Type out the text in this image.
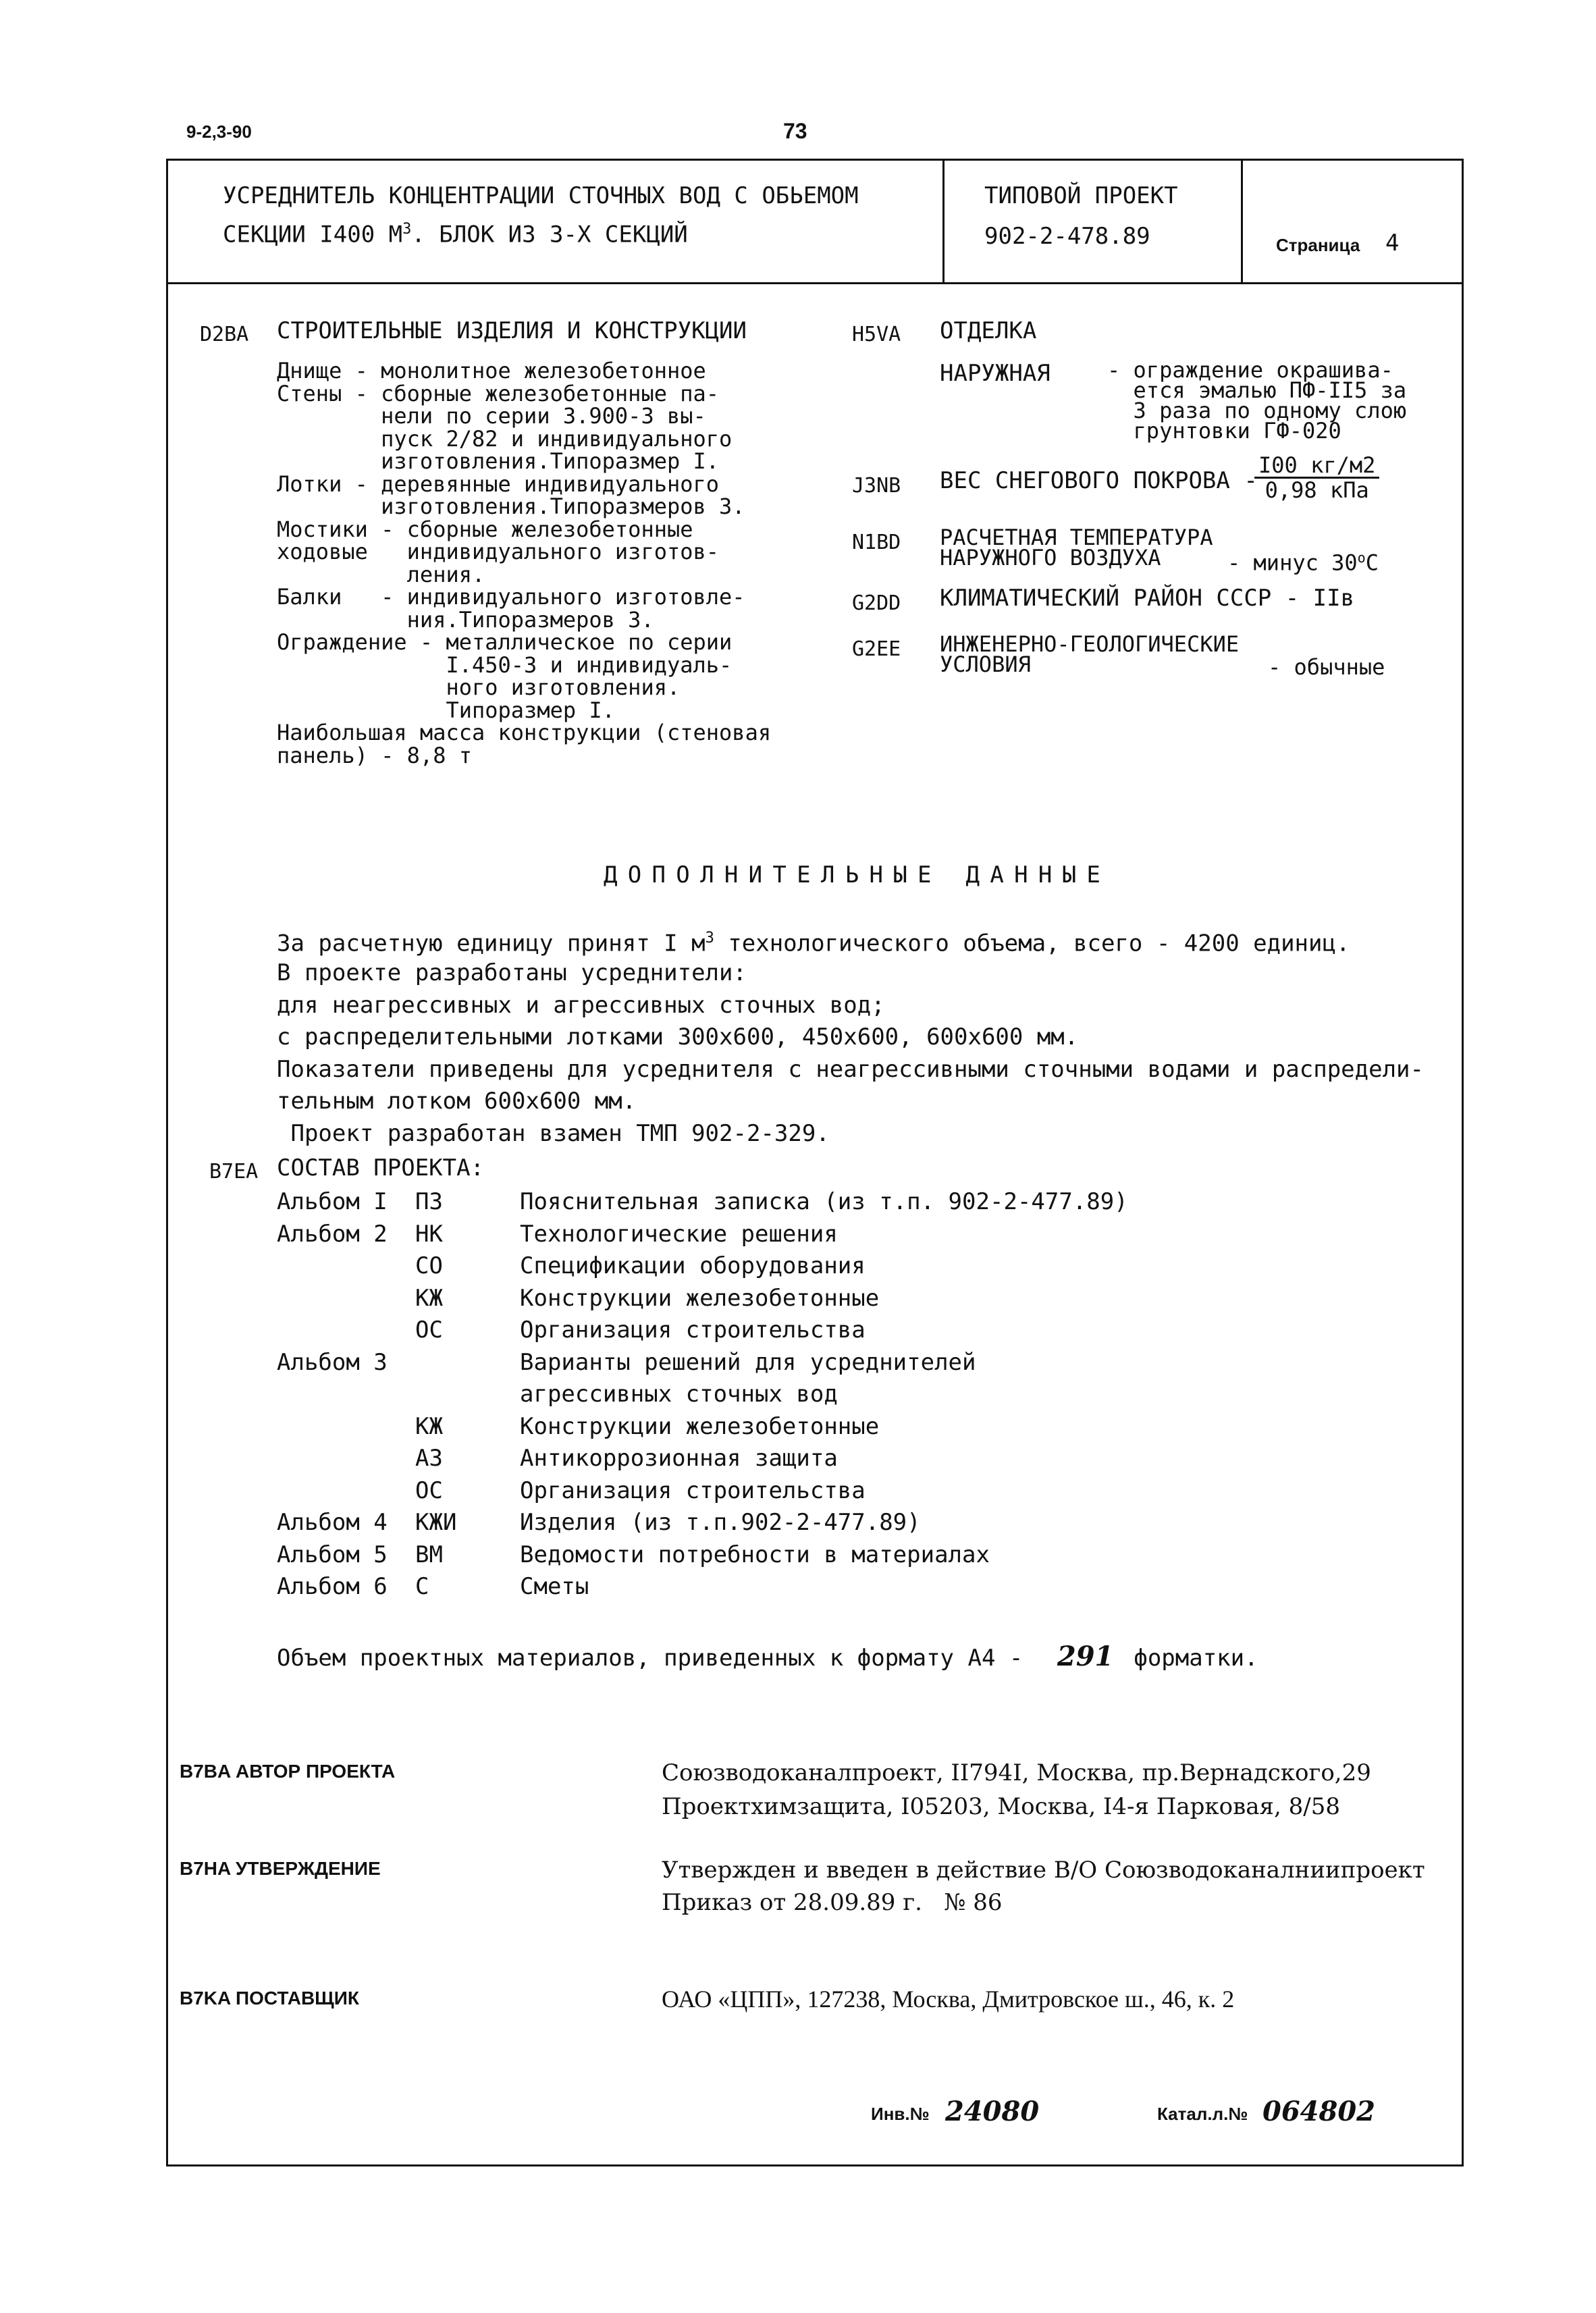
9-2,3-90	73
УСРЕДНИТЕЛЬ КОНЦЕНТРАЦИИ СТОЧНЫХ ВОД С ОБЬЕМОМ
СЕКЦИИ I400 $М^3$. БЛОК ИЗ 3-Х СЕКЦИЙ
ТИПОВОЙ ПРОЕКТ
902-2-478.89	Страница 4
D2BA СТРОИТЕЛЬНЫЕ ИЗДЕЛИЯ И КОНСТРУКЦИИ
Днище - монолитное железобетонное
Стены - сборные железобетонные па-
нели по серии 3.900-3 вы-
пуск 2/82 и индивидуального
изготовления.Типоразмер I.
Лотки - деревянные индивидуального
изготовления.Типоразмеров 3.
Мостики - сборные железобетонные
ходовые   индивидуального изготов-
ления.
Балки   - индивидуального изготовле-
ния.Типоразмеров 3.
Ограждение - металлическое по серии
I.450-3 и индивидуаль-
ного изготовления.
Типоразмер I.
Наибольшая масса конструкции (стеновая
панель) - 8,8 т
H5VA ОТДЕЛКА
НАРУЖНАЯ	- ограждение окрашива-
ется эмалью ПФ-II5 за
3 раза по одному слою
грунтовки ГФ-020
J3NB ВЕС СНЕГОВОГО ПОКРОВА -
$\frac{I00 кг/м2}{\text{0,98 кПа}}$
N1BD РАСЧЕТНАЯ ТЕМПЕРАТУРА
НАРУЖНОГО ВОЗДУХА	- минус $30^оС$
G2DD КЛИМАТИЧЕСКИЙ РАЙОН СССР - IIв
G2EE ИНЖЕНЕРНО-ГЕОЛОГИЧЕСКИЕ
УСЛОВИЯ	- обычные
ДОПОЛНИТЕЛЬНЫЕ ДАННЫЕ
За расчетную единицу принят I $м^3$ технологического объема, всего - 4200 единиц.
В проекте разработаны усреднители:
для неагрессивных и агрессивных сточных вод;
с распределительными лотками 300х600, 450х600, 600х600 мм.
Показатели приведены для усреднителя с неагрессивными сточными водами и распредели-
тельным лотком 600х600 мм.
Проект разработан взамен ТМП 902-2-329.
B7EA СОСТАВ ПРОЕКТА:
Альбом I ПЗ	Пояснительная записка (из т.п. 902-2-477.89)
Альбом 2 НК	Технологические решения
СО	Спецификации оборудования
КЖ	Конструкции железобетонные
ОС	Организация строительства
Альбом 3	Варианты решений для усреднителей
агрессивных сточных вод
КЖ	Конструкции железобетонные
АЗ	Антикоррозионная защита
ОС	Организация строительства
Альбом 4 КЖИ	Изделия (из т.п.902-2-477.89)
Альбом 5 ВМ	Ведомости потребности в материалах
Альбом 6 С	Сметы
Объем проектных материалов, приведенных к формату А4 - 291 форматки.
B7BA АВТОР ПРОЕКТА	Союзводоканалпроект, II794I, Москва, пр.Вернадского,29
Проектхимзащита, I05203, Москва, I4-я Парковая, 8/58
B7HA УТВЕРЖДЕНИЕ	Утвержден и введен в действие В/О Союзводоканалниипроект
Приказ от 28.09.89 г.   № 86
B7KA ПОСТАВЩИК	ОАО «ЦПП», 127238, Москва, Дмитровское ш., 46, к. 2
Инв.№ 24080	Катал.л.№ 064802
